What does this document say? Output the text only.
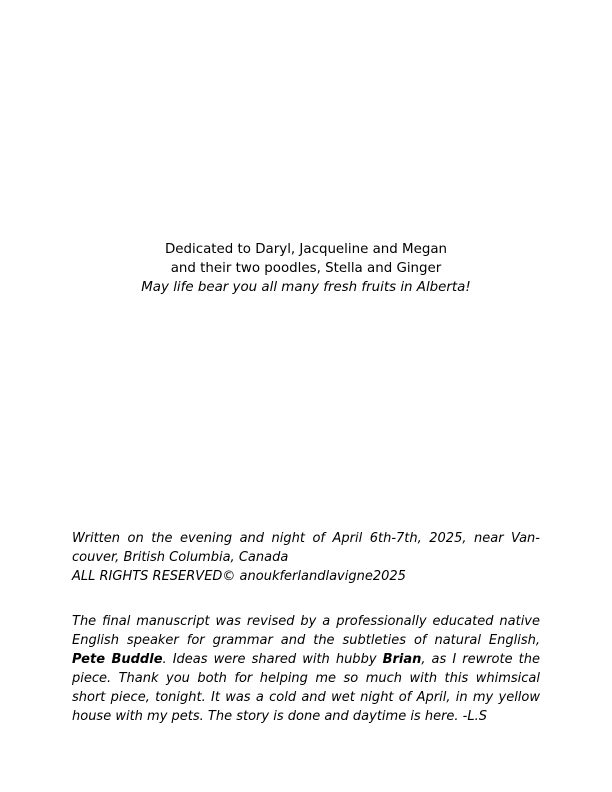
Dedicated to Daryl, Jacqueline and Megan
and their two poodles, Stella and Ginger
May life bear you all many fresh fruits in Alberta!
Written on the evening and night of April 6th-7th, 2025, near Van-
couver, British Columbia, Canada
ALL RIGHTS RESERVED© anoukferlandlavigne2025
The final manuscript was revised by a professionally educated native
English speaker for grammar and the subtleties of natural English,
Pete Buddle. Ideas were shared with hubby Brian, as I rewrote the
piece. Thank you both for helping me so much with this whimsical
short piece, tonight. It was a cold and wet night of April, in my yellow
house with my pets. The story is done and daytime is here. -L.S
